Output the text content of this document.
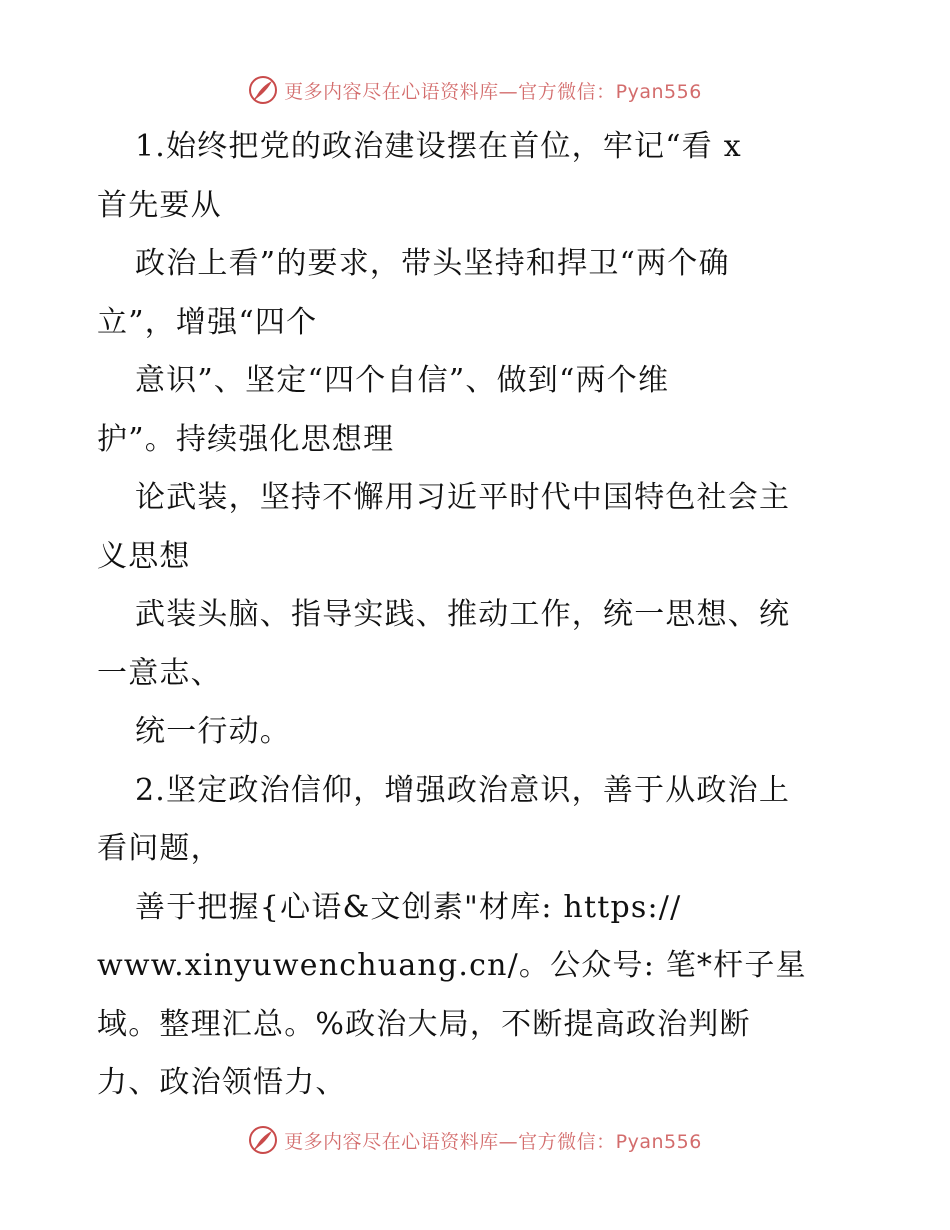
更多内容尽在心语资料库—官方微信：Pyan556
1.始终把党的政治建设摆在首位，牢记“看 x
首先要从
政治上看”的要求，带头坚持和捍卫“两个确
立”，增强“四个
意识”、坚定“四个自信”、做到“两个维
护”。持续强化思想理
论武装，坚持不懈用习近平时代中国特色社会主
义思想
武装头脑、指导实践、推动工作，统一思想、统
一意志、
统一行动。
2.坚定政治信仰，增强政治意识，善于从政治上
看问题，
善于把握{心语&文创素"材库: https://
www.xinyuwenchuang.cn/。公众号: 笔*杆子星
域。整理汇总。%政治大局，不断提高政治判断
力、政治领悟力、
更多内容尽在心语资料库—官方微信：Pyan556
